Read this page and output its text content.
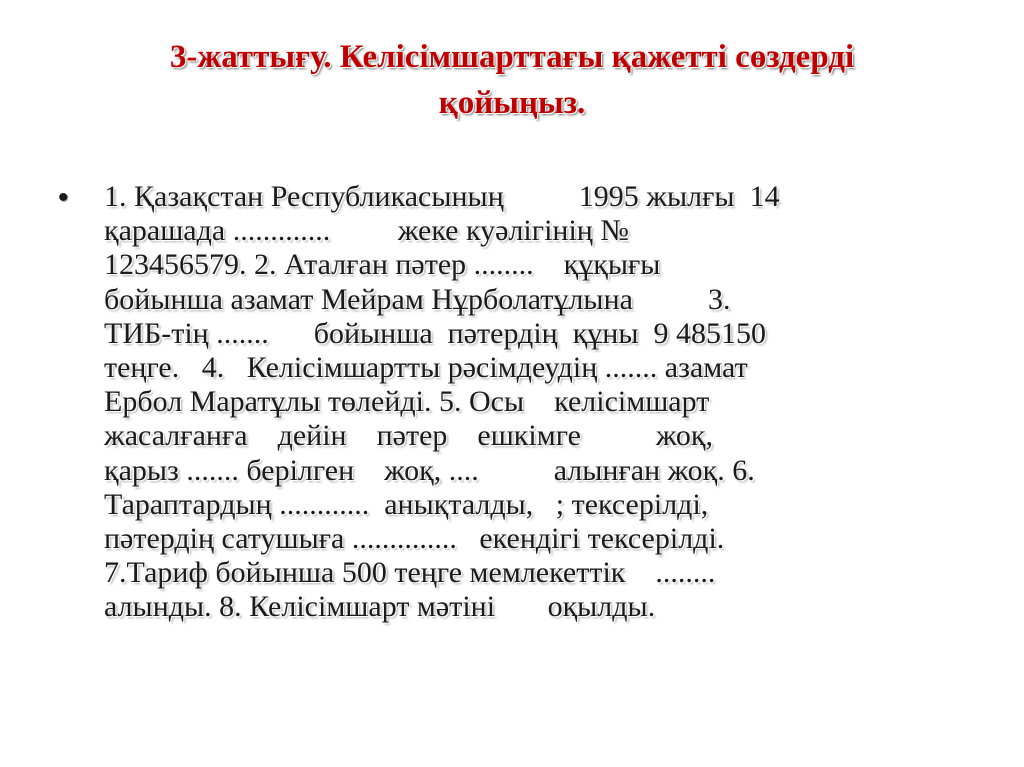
3-жаттығу. Келісімшарттағы қажетті сөздерді
қойыңыз.
•	1. Қазақстан Республикасының          1995 жылғы  14
қарашада .............         жеке куәлігінің №
123456579. 2. Аталған пәтер ........    құқығы
бойынша азамат Мейрам Нұрболатұлына          3.
ТИБ-тің .......      бойынша  пәтердің  құны  9 485150
теңге.   4.   Келісімшартты рәсімдеудің ....... азамат
Ербол Маратұлы төлейді. 5. Осы    келісімшарт
жасалғанға    дейін    пәтер    ешкімге          жоқ,
қарыз ....... берілген    жоқ, ....          алынған жоқ. 6.
Тараптардың ............  анықталды,   ; тексерілді,
пәтердің сатушыға ..............   екендігі тексерілді.
7.Тариф бойынша 500 теңге мемлекеттік    ........
алынды. 8. Келісімшарт мәтіні       оқылды.
